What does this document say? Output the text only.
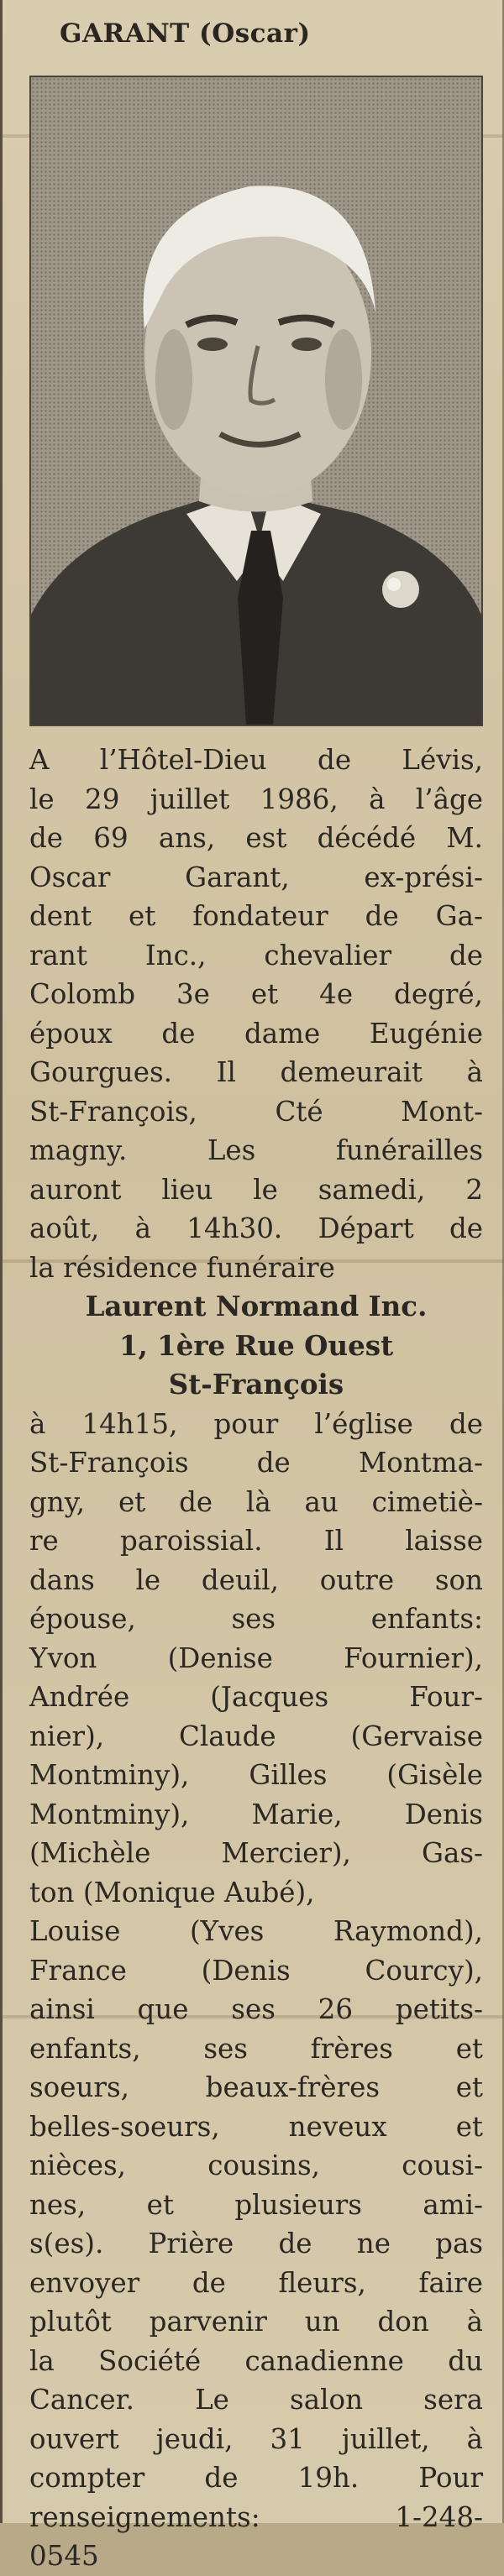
GARANT (Oscar)
A l’Hôtel-Dieu de Lévis,
le 29 juillet 1986, à l’âge
de 69 ans, est décédé M.
Oscar Garant, ex-prési-
dent et fondateur de Ga-
rant Inc., chevalier de
Colomb 3e et 4e degré,
époux de dame Eugénie
Gourgues. Il demeurait à
St-François, Cté Mont-
magny. Les funérailles
auront lieu le samedi, 2
août, à 14h30. Départ de
la résidence funéraire
Laurent Normand Inc.
1, 1ère Rue Ouest
St-François
à 14h15, pour l’église de
St-François de Montma-
gny, et de là au cimetiè-
re paroissial. Il laisse
dans le deuil, outre son
épouse, ses enfants:
Yvon (Denise Fournier),
Andrée (Jacques Four-
nier), Claude (Gervaise
Montminy), Gilles (Gisèle
Montminy), Marie, Denis
(Michèle Mercier), Gas-
ton (Monique Aubé),
Louise (Yves Raymond),
France (Denis Courcy),
ainsi que ses 26 petits-
enfants, ses frères et
soeurs, beaux-frères et
belles-soeurs, neveux et
nièces, cousins, cousi-
nes, et plusieurs ami-
s(es). Prière de ne pas
envoyer de fleurs, faire
plutôt parvenir un don à
la Société canadienne du
Cancer. Le salon sera
ouvert jeudi, 31 juillet, à
compter de 19h. Pour
renseignements: 1-248-
0545
